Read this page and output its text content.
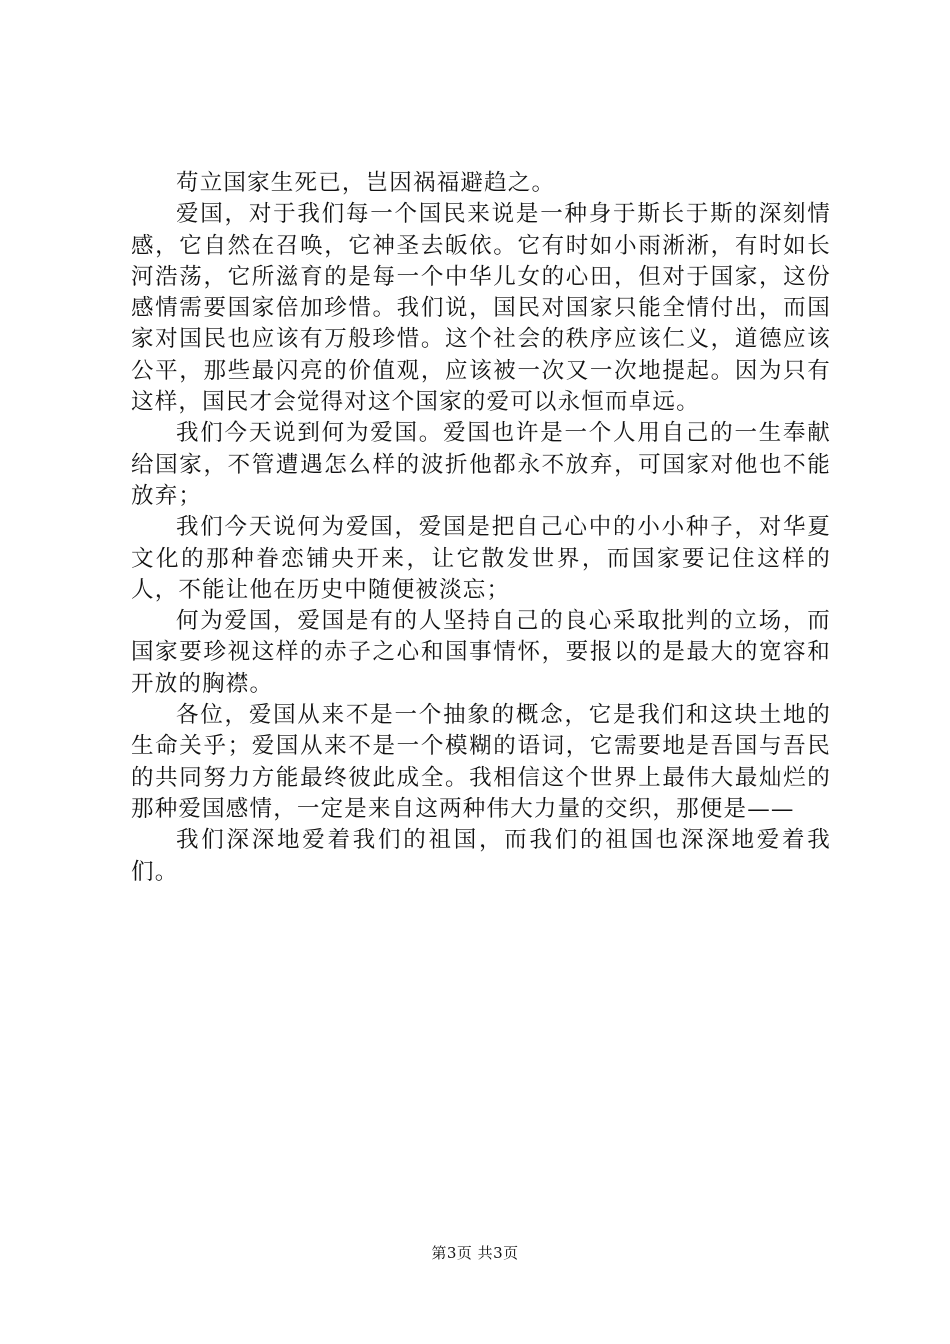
苟立国家生死已，岂因祸福避趋之。

爱国，对于我们每一个国民来说是一种身于斯长于斯的深刻情感，它自然在召唤，它神圣去皈依。它有时如小雨淅淅，有时如长河浩荡，它所滋育的是每一个中华儿女的心田，但对于国家，这份感情需要国家倍加珍惜。我们说，国民对国家只能全情付出，而国家对国民也应该有万般珍惜。这个社会的秩序应该仁义，道德应该公平，那些最闪亮的价值观，应该被一次又一次地提起。因为只有这样，国民才会觉得对这个国家的爱可以永恒而卓远。

我们今天说到何为爱国。爱国也许是一个人用自己的一生奉献给国家，不管遭遇怎么样的波折他都永不放弃，可国家对他也不能放弃；

我们今天说何为爱国，爱国是把自己心中的小小种子，对华夏文化的那种眷恋铺央开来，让它散发世界，而国家要记住这样的人，不能让他在历史中随便被淡忘；

何为爱国，爱国是有的人坚持自己的良心采取批判的立场，而国家要珍视这样的赤子之心和国事情怀，要报以的是最大的宽容和开放的胸襟。

各位，爱国从来不是一个抽象的概念，它是我们和这块土地的生命关乎；爱国从来不是一个模糊的语词，它需要地是吾国与吾民的共同努力方能最终彼此成全。我相信这个世界上最伟大最灿烂的那种爱国感情，一定是来自这两种伟大力量的交织，那便是——

我们深深地爱着我们的祖国，而我们的祖国也深深地爱着我们。

第3页 共3页
